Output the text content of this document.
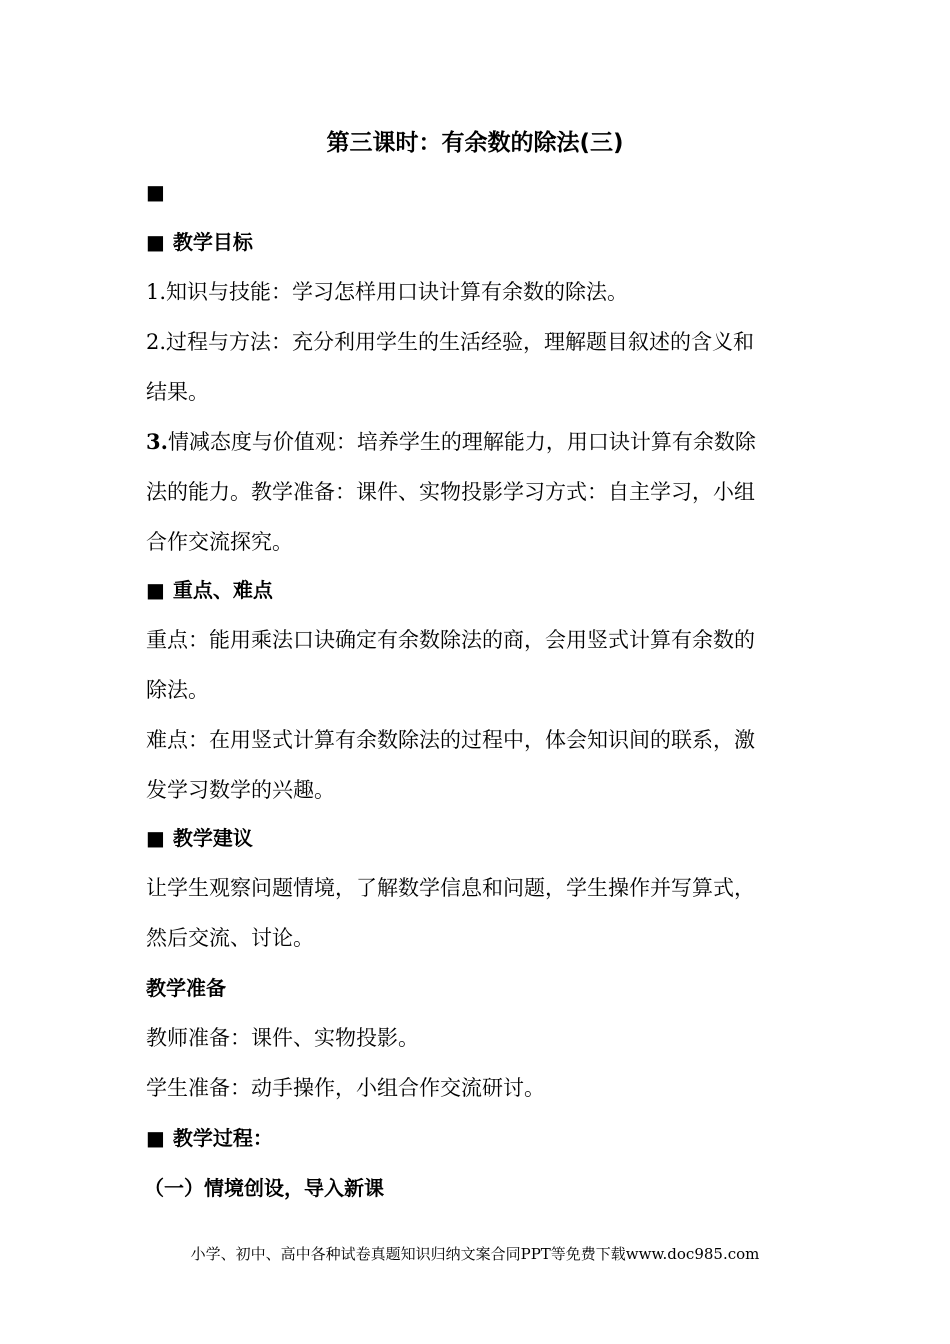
第三课时：有余数的除法(三)
■
■ 教学目标
1.知识与技能：学习怎样用口诀计算有余数的除法。
2.过程与方法：充分利用学生的生活经验，理解题目叙述的含义和
结果。
3.情减态度与价值观：培养学生的理解能力，用口诀计算有余数除
法的能力。教学准备：课件、实物投影学习方式：自主学习，小组
合作交流探究。
■ 重点、难点
重点：能用乘法口诀确定有余数除法的商，会用竖式计算有余数的
除法。
难点：在用竖式计算有余数除法的过程中，体会知识间的联系，激
发学习数学的兴趣。
■ 教学建议
让学生观察问题情境，了解数学信息和问题，学生操作并写算式，
然后交流、讨论。
教学准备
教师准备：课件、实物投影。
学生准备：动手操作，小组合作交流研讨。
■ 教学过程：
（一）情境创设，导入新课
小学、初中、高中各种试卷真题知识归纳文案合同PPT等免费下载www.doc985.com
